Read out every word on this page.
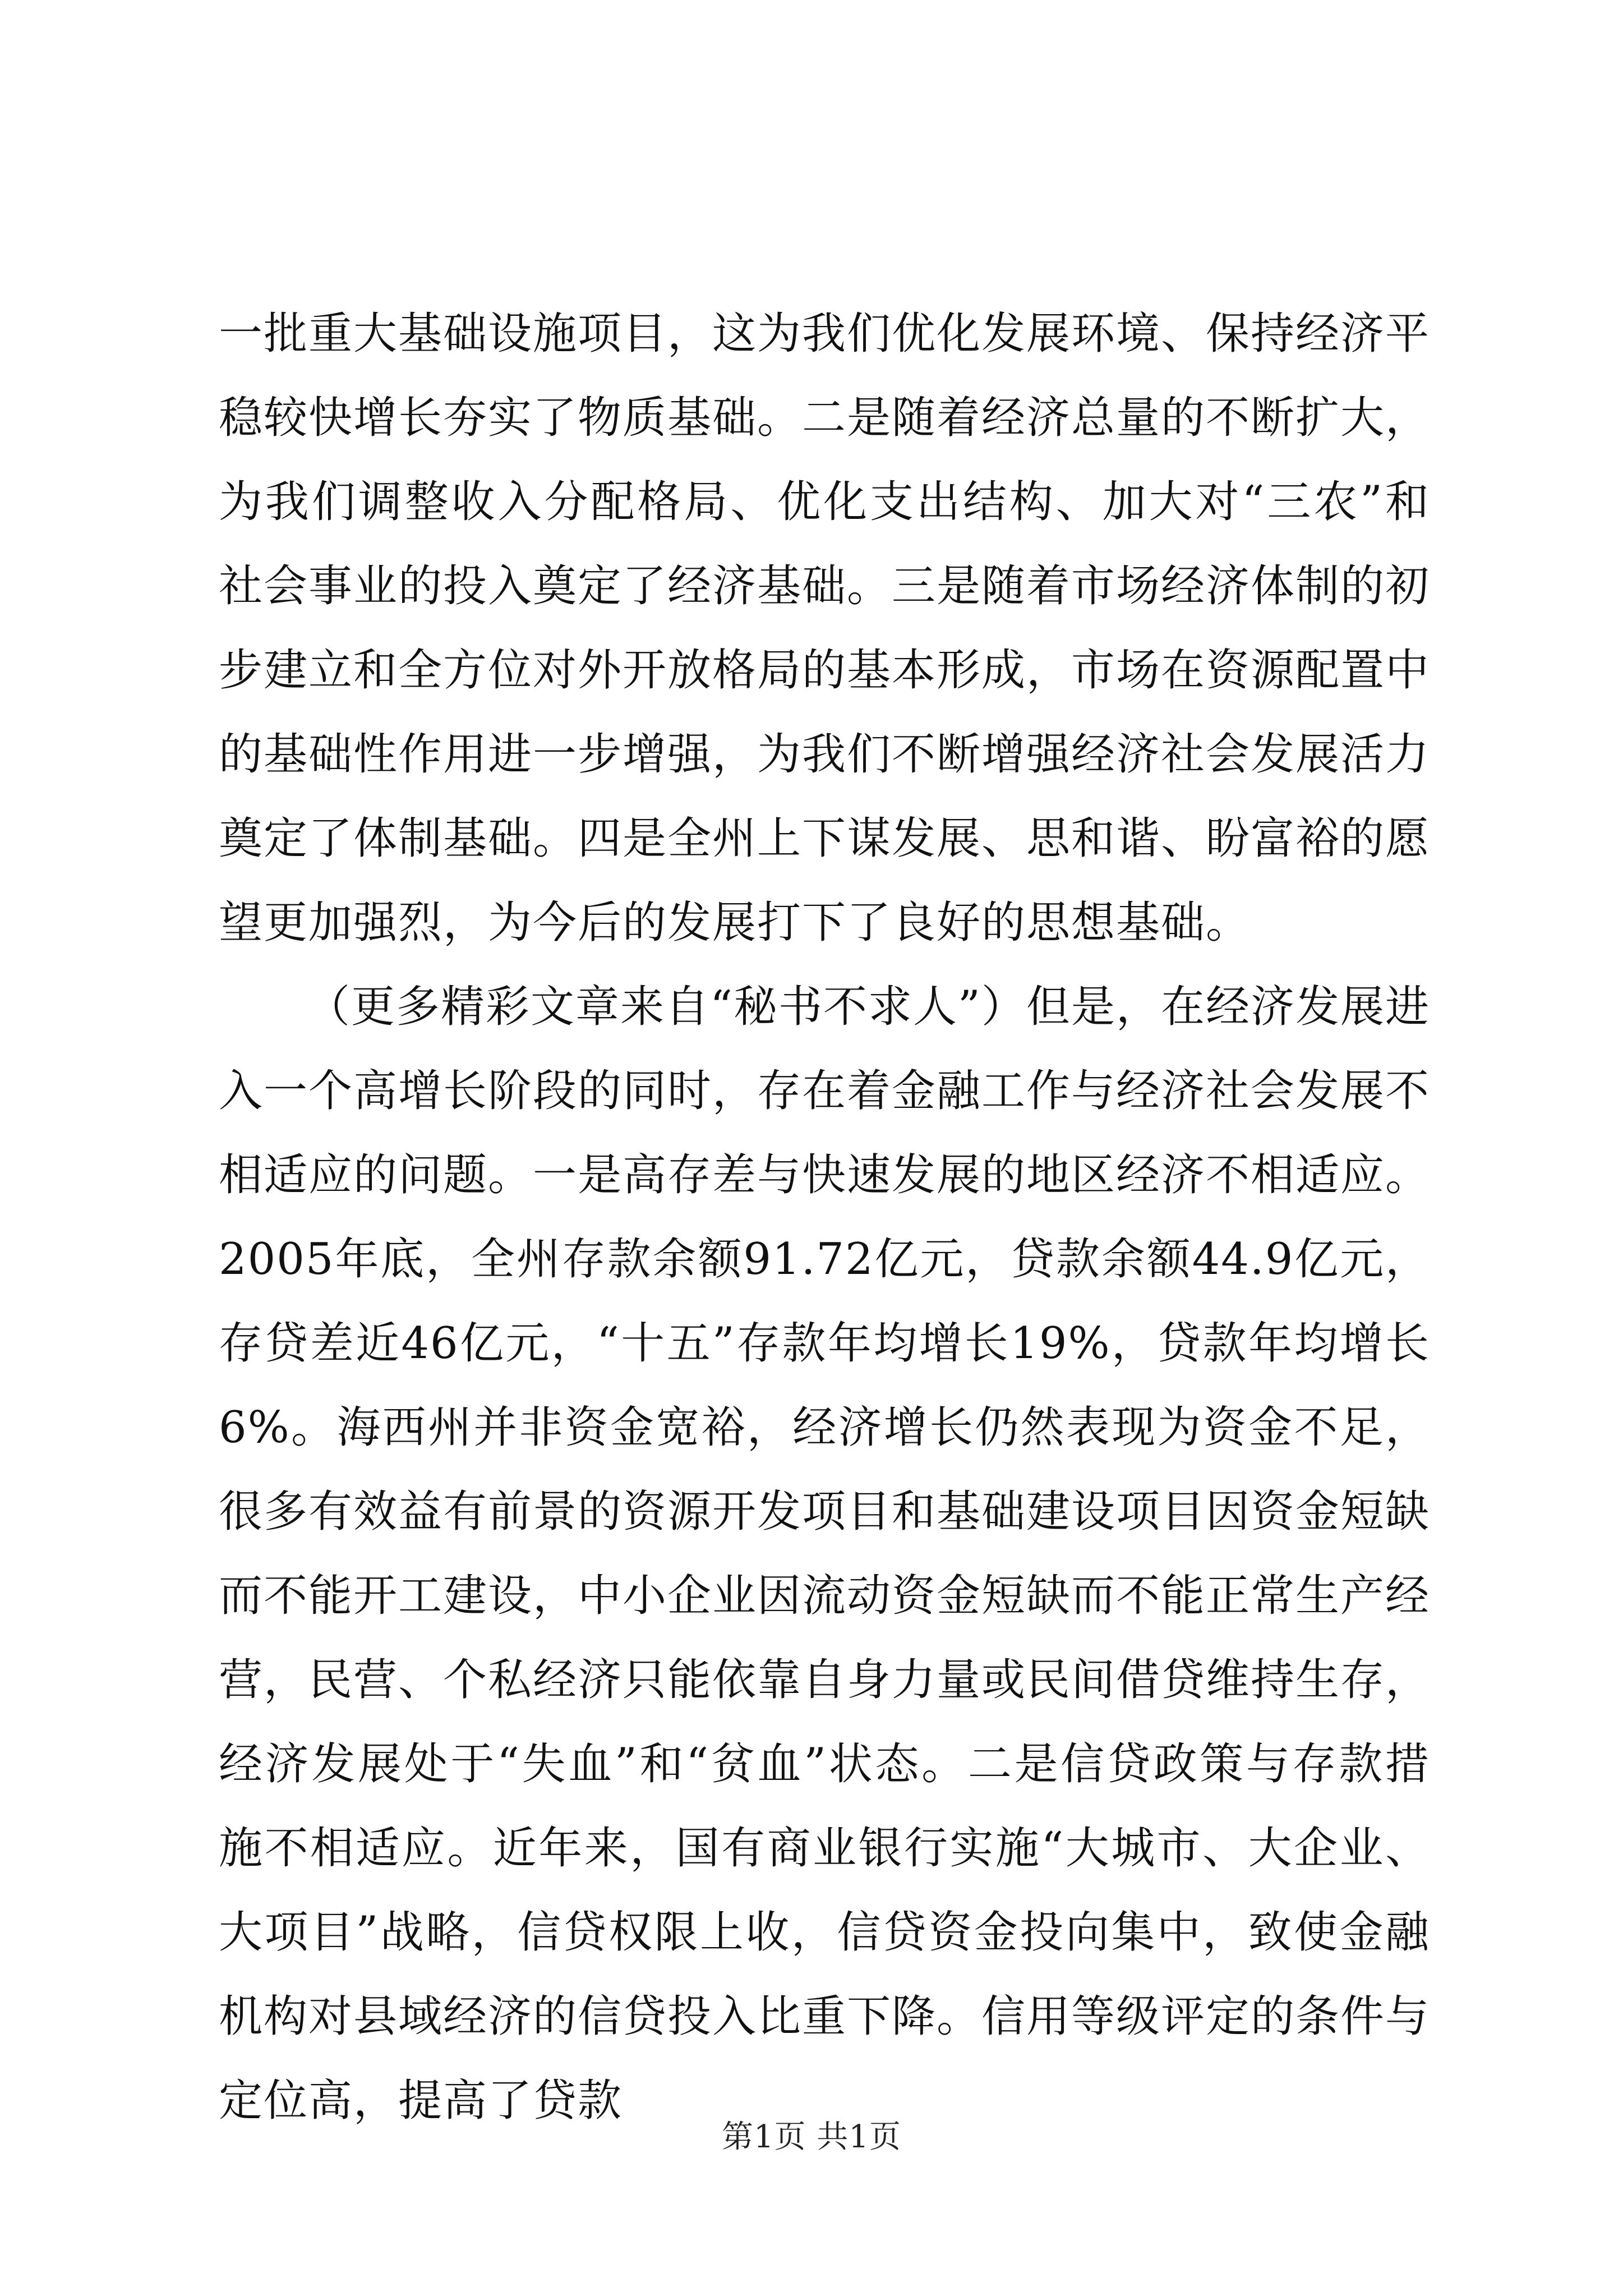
一批重大基础设施项目，这为我们优化发展环境、保持经济平稳较快增长夯实了物质基础。二是随着经济总量的不断扩大，为我们调整收入分配格局、优化支出结构、加大对“三农”和社会事业的投入奠定了经济基础。三是随着市场经济体制的初步建立和全方位对外开放格局的基本形成，市场在资源配置中的基础性作用进一步增强，为我们不断增强经济社会发展活力奠定了体制基础。四是全州上下谋发展、思和谐、盼富裕的愿望更加强烈，为今后的发展打下了良好的思想基础。

（更多精彩文章来自“秘书不求人”）但是，在经济发展进入一个高增长阶段的同时，存在着金融工作与经济社会发展不相适应的问题。一是高存差与快速发展的地区经济不相适应。2005年底，全州存款余额91.72亿元，贷款余额44.9亿元，存贷差近46亿元，“十五”存款年均增长19%，贷款年均增长6%。海西州并非资金宽裕，经济增长仍然表现为资金不足，很多有效益有前景的资源开发项目和基础建设项目因资金短缺而不能开工建设，中小企业因流动资金短缺而不能正常生产经营，民营、个私经济只能依靠自身力量或民间借贷维持生存，经济发展处于“失血”和“贫血”状态。二是信贷政策与存款措施不相适应。近年来，国有商业银行实施“大城市、大企业、大项目”战略，信贷权限上收，信贷资金投向集中，致使金融机构对县域经济的信贷投入比重下降。信用等级评定的条件与定位高，提高了贷款

第1页 共1页
